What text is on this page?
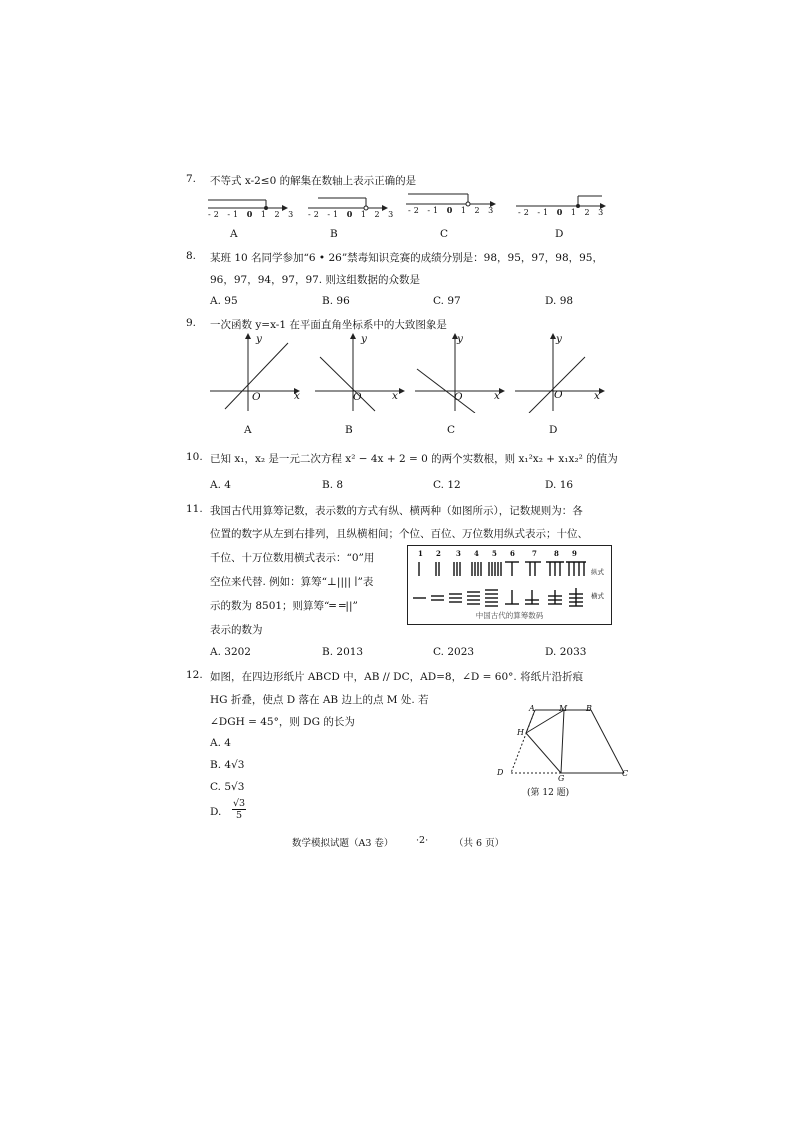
7. 不等式 x-2≤0 的解集在数轴上表示正确的是
-2 -1 0 1 2 3 -2 -1 0 1 2 3 -2 -1 0 1 2 3	-2 -1 0 1 2 3
A	B	C	D
8. 某班 10 名同学参加“6 • 26”禁毒知识竞赛的成绩分别是：98，95，97，98，95，
96，97，94，97，97. 则这组数据的众数是
A. 95	B. 96	C. 97	D. 98
9. 一次函数 y=x-1 在平面直角坐标系中的大致图象是
y
x
O
y
x
O
y
x
O
y
x
O
A	B	C	D
10. 已知 x₁，x₂ 是一元二次方程 x² − 4x + 2 = 0 的两个实数根，则 x₁²x₂ + x₁x₂² 的值为
A. 4	B. 8	C. 12	D. 16
11. 我国古代用算筹记数，表示数的方式有纵、横两种（如图所示），记数规则为：各
位置的数字从左到右排列，且纵横相间；个位、百位、万位数用纵式表示；十位、
千位、十万位数用横式表示：“0”用
空位来代替. 例如：算筹“⊥|||| ∣”表
示的数为 8501；则算筹“═ ═||”
表示的数为
1 2 3 4 5 6 7 8 9
纵式
横式
中国古代的算筹数码
A. 3202	B. 2013	C. 2023	D. 2033
12. 如图，在四边形纸片 ABCD 中，AB // DC，AD=8，∠D = 60°. 将纸片沿折痕
HG 折叠，使点 D 落在 AB 边上的点 M 处. 若
∠DGH = 45°，则 DG 的长为
A. 4
B. 4√3
C. 5√3
D. $\frac{√3}{5}$
A	M B
H
D
G
C
(第 12 题)
数学模拟试题（A3 卷） ·2·	（共 6 页）
